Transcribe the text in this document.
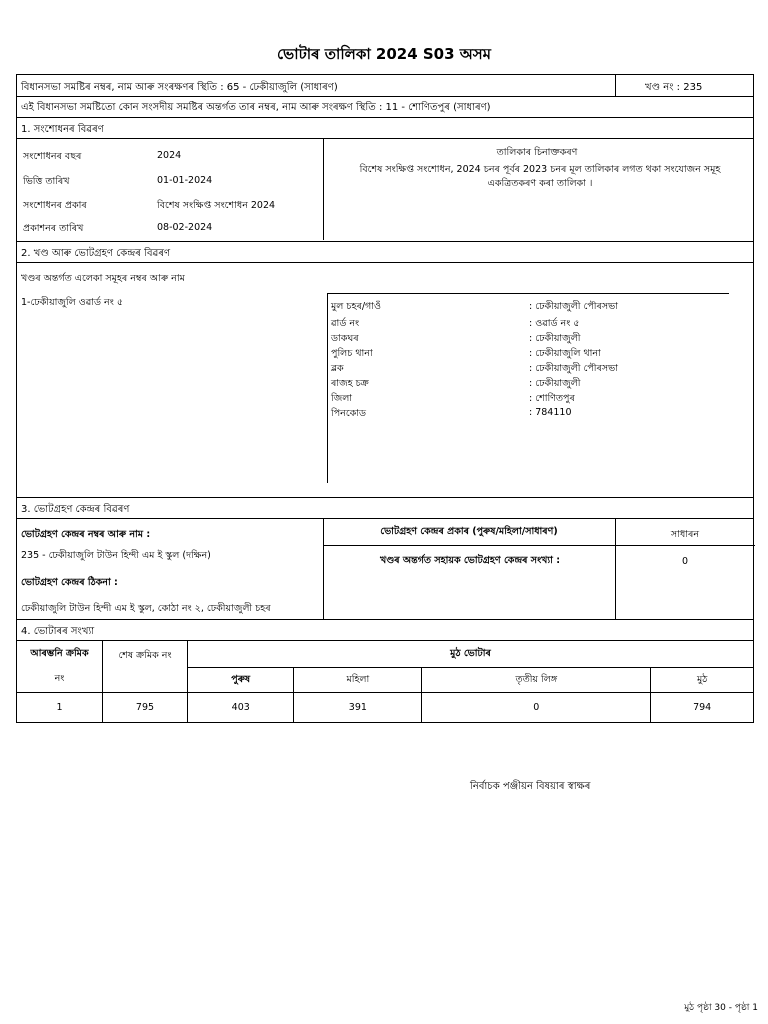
ভোটাৰ তালিকা 2024 S03 অসম
বিধানসভা সমষ্টিৰ নম্বৰ, নাম আৰু সংৰক্ষণৰ স্থিতি : 65 - ঢেকীয়াজুলি (সাধাৰণ)	খণ্ড নং : 235
এই বিধানসভা সমষ্টিতো কোন সংসদীয় সমষ্টিৰ অন্তৰ্গত তাৰ নম্বৰ, নাম আৰু সংৰক্ষণ স্থিতি : 11 - শোণিতপুৰ (সাধাৰণ)
1. সংশোধনৰ বিৱৰণ
সংশোধনৰ বছৰ	2024
ভিত্তি তাৰিখ	01-01-2024
সংশোধনৰ প্ৰকাৰ	বিশেষ সংক্ষিপ্ত সংশোধন 2024
প্ৰকাশনৰ তাৰিখ	08-02-2024
তালিকাৰ চিনাক্তকৰণ
বিশেষ সংক্ষিপ্ত সংশোধন, 2024 চনৰ পূৰ্বৰ 2023 চনৰ মূল তালিকাৰ লগত থকা সংযোজন সমূহ একত্ৰিতকৰণ কৰা তালিকা ।
2. খণ্ড আৰু ভোটগ্ৰহণ কেন্দ্ৰৰ বিৱৰণ
খণ্ডৰ অন্তৰ্গত এলেকা সমূহৰ নম্বৰ আৰু নাম
1-ঢেকীয়াজুলি ওৱাৰ্ড নং ৫	মুল চহৰ/গাওঁ	: ঢেকীয়াজুলী পৌৰসভা
ৱাৰ্ড নং	: ওৱাৰ্ড নং ৫
ডাকঘৰ	: ঢেকীয়াজুলী
পুলিচ থানা	: ঢেকীয়াজুলি থানা
ব্লক	: ঢেকীয়াজুলী পৌৰসভা
ৰাজহ চক্ৰ	: ঢেকীয়াজুলী
জিলা	: শোণিতপুৰ
পিনকোড	: 784110
3. ভোটগ্ৰহণ কেন্দ্ৰৰ বিৱৰণ
ভোটগ্ৰহণ কেন্দ্ৰৰ নম্বৰ আৰু নাম :
235 - ঢেকীয়াজুলি টাউন হিন্দী এম ই স্কুল (দক্ষিন)
ভোটগ্ৰহণ কেন্দ্ৰৰ ঠিকনা :
ঢেকীয়াজুলি টাউন হিন্দী এম ই স্কুল, কোঠা নং ২, ঢেকীয়াজুলী চহৰ
ভোটগ্ৰহণ কেন্দ্ৰৰ প্ৰকাৰ (পুৰুষ/মহিলা/সাধাৰণ)	সাধাৰন
খণ্ডৰ অন্তৰ্গত সহায়ক ভোটগ্ৰহণ কেন্দ্ৰৰ সংখ্যা :	0
4. ভোটাৰৰ সংখ্যা
আৰম্ভনি ক্ৰমিক
নং	শেষ ক্ৰমিক নং	মুঠ ভোটাৰ			
		পুৰুষ	মহিলা	তৃতীয় লিঙ্গ	মুঠ
1	795	403	391	0	794
নিৰ্বাচক পঞ্জীয়ন বিষয়াৰ স্বাক্ষৰ
মুঠ পৃষ্ঠা 30 - পৃষ্ঠা 1
